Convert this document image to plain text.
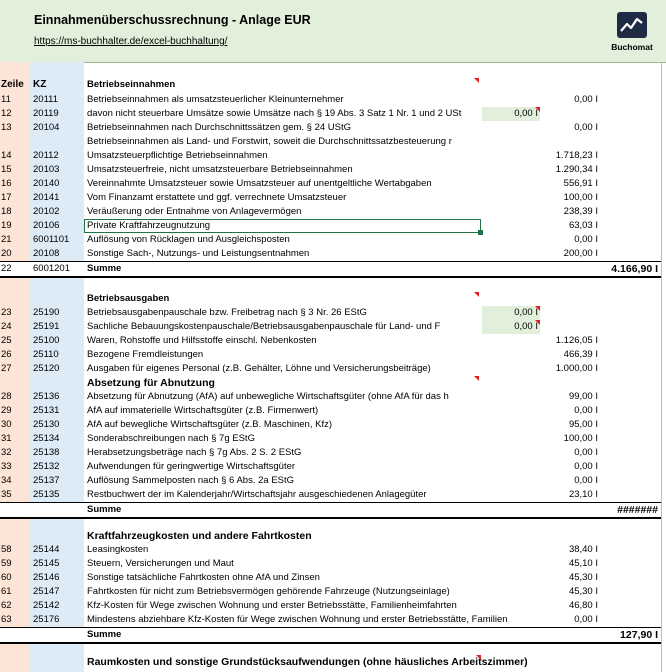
Einnahmenüberschussrechnung - Anlage EUR
https://ms-buchhalter.de/excel-buchhaltung/	Buchomat
Zeile KZ	Betriebseinnahmen
11	20111	Betriebseinnahmen als umsatzsteuerlicher Kleinunternehmer	0,00 I
12	20119	davon nicht steuerbare Umsätze sowie Umsätze nach § 19 Abs. 3 Satz 1 Nr. 1 und 2 USt	0,00 I
13	20104	Betriebseinnahmen nach Durchschnittssätzen gem. § 24 UStG	0,00 I
Betriebseinnahmen als Land- und Forstwirt, soweit die Durchschnittssatzbesteuerung r
14	20112	Umsatzsteuerpflichtige Betriebseinnahmen	1.718,23 I
15	20103	Umsatzsteuerfreie, nicht umsatzsteuerbare Betriebseinnahmen	1.290,34 I
16	20140	Vereinnahmte Umsatzsteuer sowie Umsatzsteuer auf unentgeltliche Wertabgaben	556,91 I
17	20141	Vom Finanzamt erstattete und ggf. verrechnete Umsatzsteuer	100,00 I
18	20102	Veräußerung oder Entnahme von Anlagevermögen	238,39 I
19	20106	Private Kraftfahrzeugnutzung	63,03 I
21	6001101	Auflösung von Rücklagen und Ausgleichsposten	0,00 I
20	20108	Sonstige Sach-, Nutzungs- und Leistungsentnahmen	200,00 I
22	6001201	Summe	4.166,90 I
Betriebsausgaben
23	25190	Betriebsausgabenpauschale bzw. Freibetrag nach § 3 Nr. 26 EStG	0,00 I
24	25191	Sachliche Bebauungskostenpauschale/Betriebsausgabenpauschale für Land- und F	0,00 I
25	25100	Waren, Rohstoffe und Hilfsstoffe einschl. Nebenkosten	1.126,05 I
26	25110	Bezogene Fremdleistungen	466,39 I
27	25120	Ausgaben für eigenes Personal (z.B. Gehälter, Löhne und Versicherungsbeiträge)	1.000,00 I
Absetzung für Abnutzung
28	25136	Absetzung für Abnutzung (AfA) auf unbewegliche Wirtschaftsgüter (ohne AfA für das h	99,00 I
29	25131	AfA auf immaterielle Wirtschaftsgüter (z.B. Firmenwert)	0,00 I
30	25130	AfA auf bewegliche Wirtschaftsgüter (z.B. Maschinen, Kfz)	95,00 I
31	25134	Sonderabschreibungen nach § 7g EStG	100,00 I
32	25138	Herabsetzungsbeträge nach § 7g Abs. 2 S. 2 EStG	0,00 I
33	25132	Aufwendungen für geringwertige Wirtschaftsgüter	0,00 I
34	25137	Auflösung Sammelposten nach § 6 Abs. 2a EStG	0,00 I
35	25135	Restbuchwert der im Kalenderjahr/Wirtschaftsjahr ausgeschiedenen Anlagegüter	23,10 I
Summe	#######
Kraftfahrzeugkosten und andere Fahrtkosten
58	25144	Leasingkosten	38,40 I
59	25145	Steuern, Versicherungen und Maut	45,10 I
60	25146	Sonstige tatsächliche Fahrtkosten ohne AfA und Zinsen	45,30 I
61	25147	Fahrtkosten für nicht zum Betriebsvermögen gehörende Fahrzeuge (Nutzungseinlage)	45,30 I
62	25142	Kfz-Kosten für Wege zwischen Wohnung und erster Betriebsstätte, Familienheimfahrten	46,80 I
63	25176	Mindestens abziehbare Kfz-Kosten für Wege zwischen Wohnung und erster Betriebsstätte, Familien	0,00 I
Summe	127,90 I
Raumkosten und sonstige Grundstücksaufwendungen (ohne häusliches Arbeitszimmer)
